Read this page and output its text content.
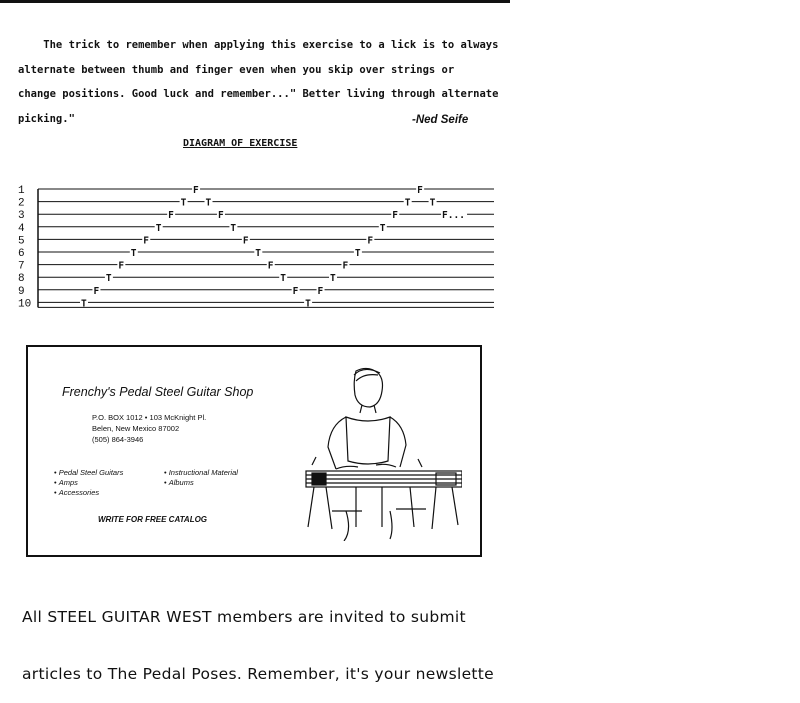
The trick to remember when applying this exercise to a lick is to always
alternate between thumb and finger even when you skip over strings or
change positions. Good luck and remember..." Better living through alternate
picking."	-Ned Seife
DIAGRAM OF EXERCISE
1
2
3
4
5
6
7
8
9
10	T
F
T
F
T
F
T
F
T
F
T
F
T
F
T
F
T
F
T
F
T
F
T
F
T
F
T
F
T
F...
Frenchy's Pedal Steel Guitar Shop
P.O. BOX 1012 • 103 McKnight Pl.
Belen, New Mexico 87002
(505) 864-3946
• Pedal Steel Guitars
• Amps
• Accessories
• Instructional Material
• Albums
WRITE FOR FREE CATALOG

All STEEL GUITAR WEST members are invited to submit

articles to The Pedal Poses. Remember, it's your newslette
